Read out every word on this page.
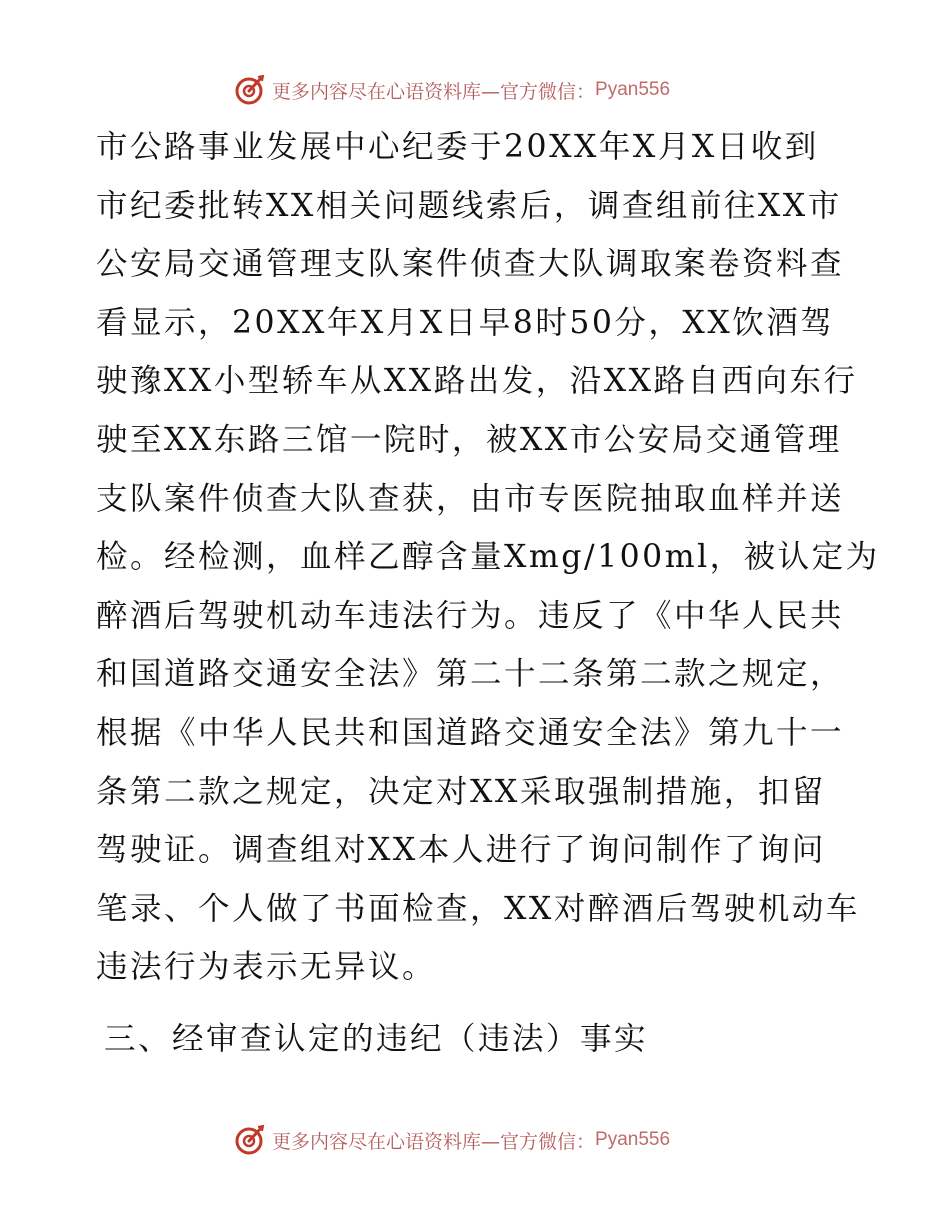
更多内容尽在心语资料库—官方微信： Pyan556
市公路事业发展中心纪委于20XX年X月X日收到
市纪委批转XX相关问题线索后，调查组前往XX市
公安局交通管理支队案件侦查大队调取案卷资料查
看显示，20XX年X月X日早8时50分，XX饮酒驾
驶豫XX小型轿车从XX路出发，沿XX路自西向东行
驶至XX东路三馆一院时，被XX市公安局交通管理
支队案件侦查大队查获，由市专医院抽取血样并送
检。经检测，血样乙醇含量Xmg/100ml，被认定为
醉酒后驾驶机动车违法行为。违反了《中华人民共
和国道路交通安全法》第二十二条第二款之规定，
根据《中华人民共和国道路交通安全法》第九十一
条第二款之规定，决定对XX采取强制措施，扣留
驾驶证。调查组对XX本人进行了询问制作了询问
笔录、个人做了书面检查，XX对醉酒后驾驶机动车
违法行为表示无异议。
三、经审查认定的违纪（违法）事实
更多内容尽在心语资料库—官方微信： Pyan556
